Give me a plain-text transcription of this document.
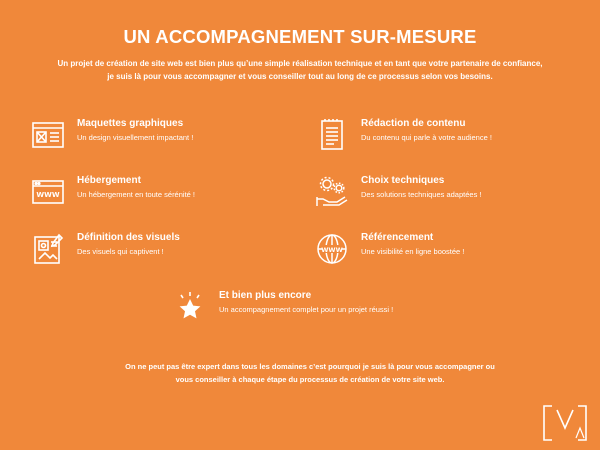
UN ACCOMPAGNEMENT SUR-MESURE
Un projet de création de site web est bien plus qu’une simple réalisation technique et en tant que votre partenaire de confiance, je suis là pour vous accompagner et vous conseiller tout au long de ce processus selon vos besoins.
Maquettes graphiques
Un design visuellement impactant !
Rédaction de contenu
Du contenu qui parle à votre audience !
WWW
Hébergement
Un hébergement en toute sérénité !
Choix techniques
Des solutions techniques adaptées !
Définition des visuels
Des visuels qui captivent !	WWW
Référencement
Une visibilité en ligne boostée !
Et bien plus encore
Un accompagnement complet pour un projet réussi !
On ne peut pas être expert dans tous les domaines c’est pourquoi je suis là pour vous accompagner ou vous conseiller à chaque étape du processus de création de votre site web.
